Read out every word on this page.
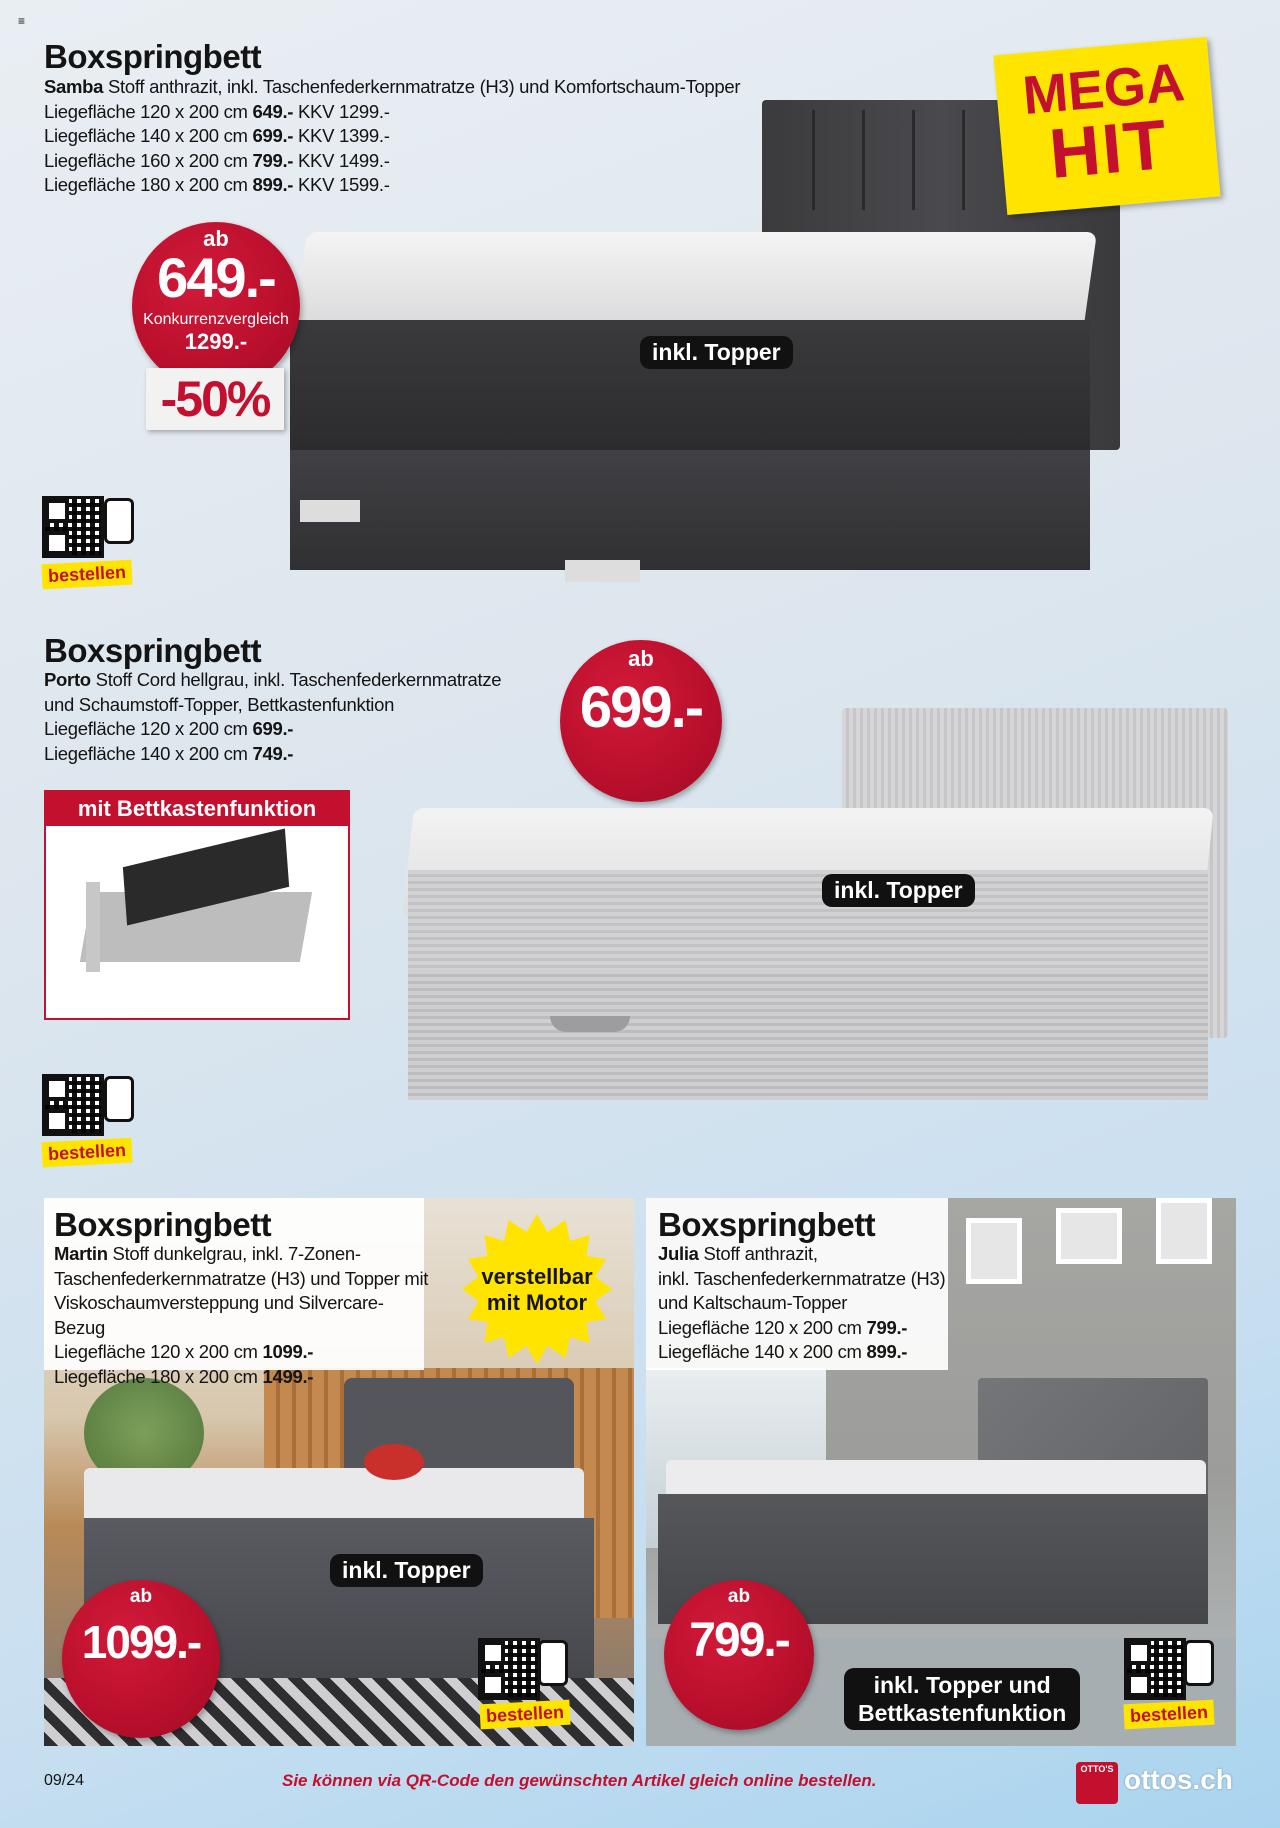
≡
Boxspringbett
Samba Stoff anthrazit, inkl. Taschenfederkernmatratze (H3) und Komfortschaum-Topper
Liegefläche 120 x 200 cm 649.- KKV 1299.-
Liegefläche 140 x 200 cm 699.- KKV 1399.-
Liegefläche 160 x 200 cm 799.- KKV 1499.-
Liegefläche 180 x 200 cm 899.- KKV 1599.-
inkl. Topper
ab
649.-
Konkurrenzvergleich
1299.-
-50%
MEGA
HIT
bestellen
Boxspringbett
Porto Stoff Cord hellgrau, inkl. Taschenfederkernmatratze
und Schaumstoff-Topper, Bettkastenfunktion
Liegefläche 120 x 200 cm 699.-
Liegefläche 140 x 200 cm 749.-
ab
699.-
mit Bettkastenfunktion
inkl. Topper
bestellen
Boxspringbett
Martin Stoff dunkelgrau, inkl. 7-Zonen-
Taschenfederkernmatratze (H3) und Topper mit
Viskoschaumversteppung und Silvercare-Bezug
Liegefläche 120 x 200 cm 1099.-
Liegefläche 180 x 200 cm 1499.-
verstellbar
mit Motor
inkl. Topper
ab
1099.-
bestellen
Boxspringbett
Julia Stoff anthrazit,
inkl. Taschenfederkernmatratze (H3)
und Kaltschaum-Topper
Liegefläche 120 x 200 cm 799.-
Liegefläche 140 x 200 cm 899.-
ab
799.-
inkl. Topper und
Bettkastenfunktion	bestellen
09/24	Sie können via QR-Code den gewünschten Artikel gleich online bestellen.
OTTO'S ottos.ch
